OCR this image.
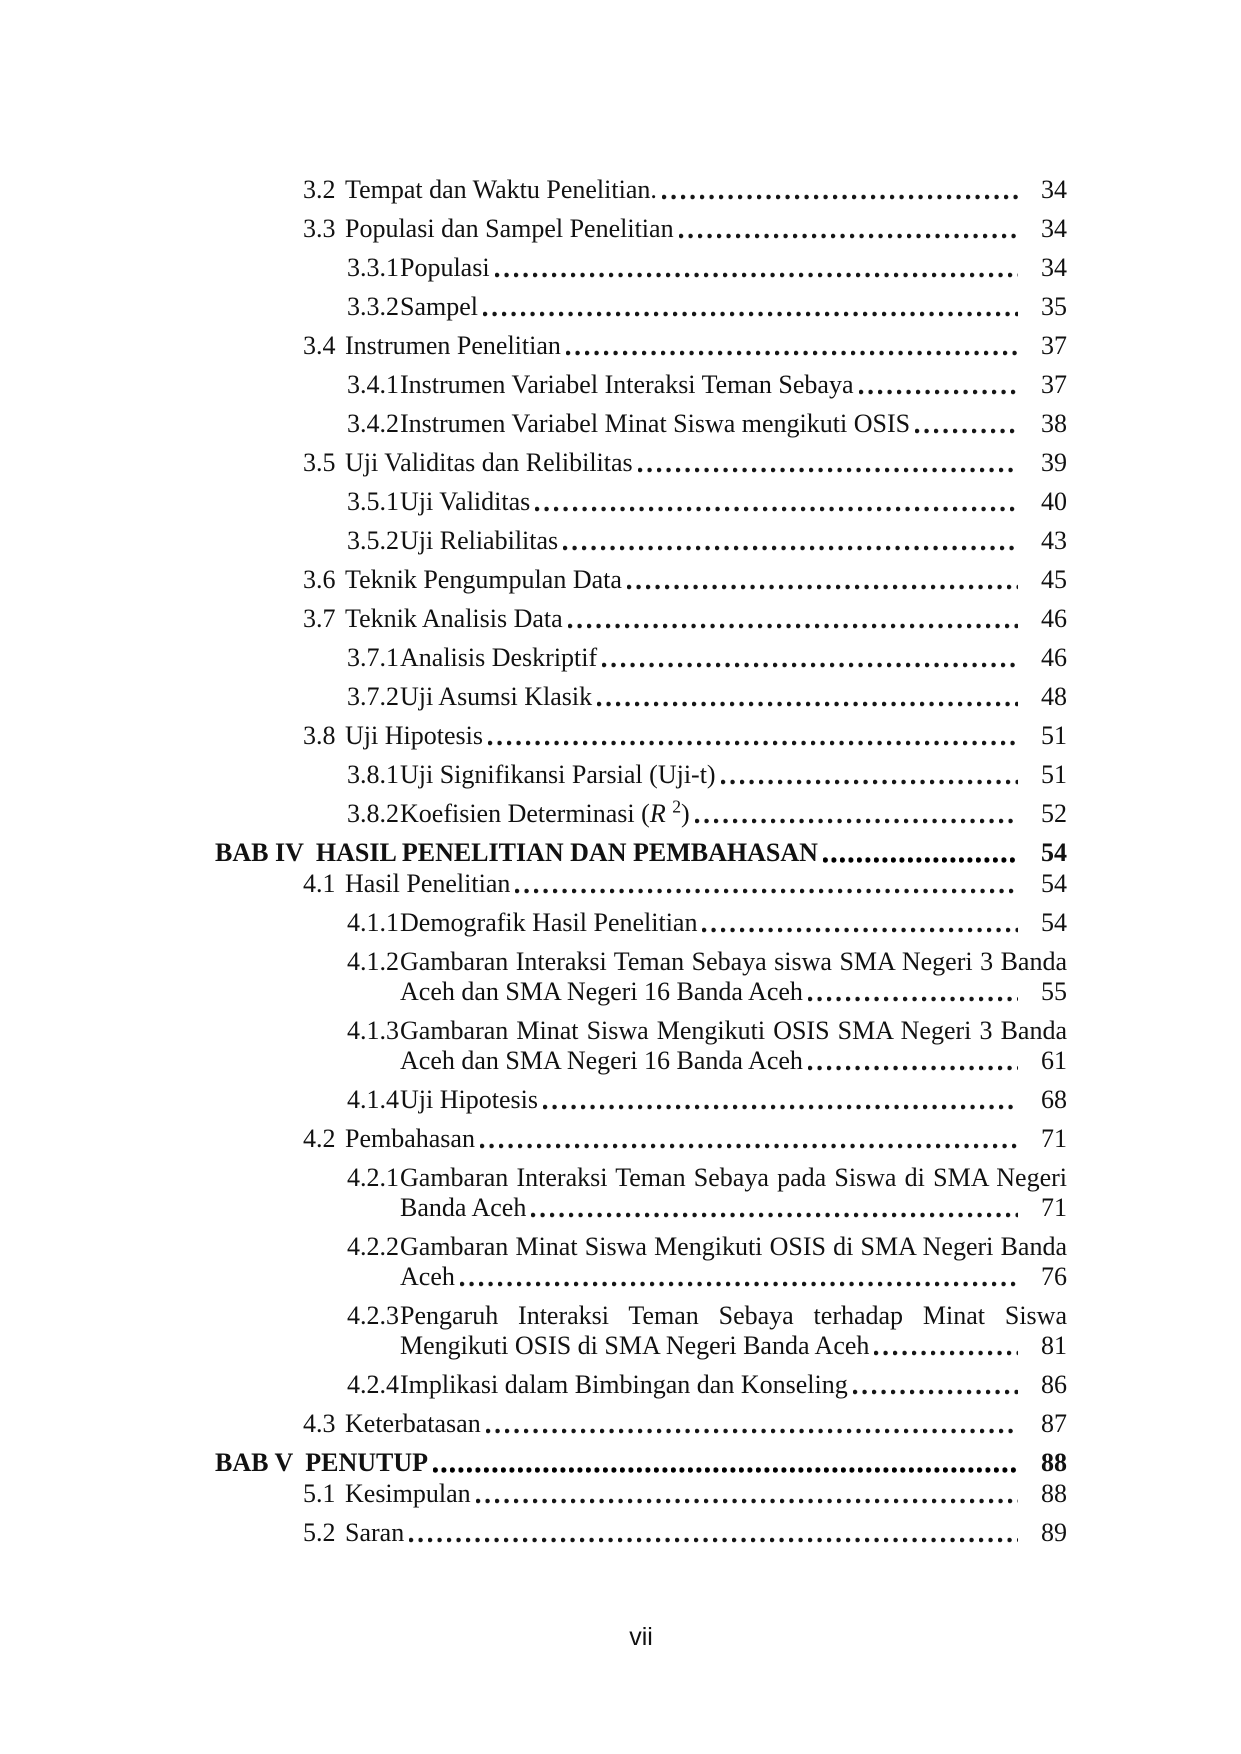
3.2 Tempat dan Waktu Penelitian.	34
3.3 Populasi dan Sampel Penelitian	34
3.3.1 Populasi	34
3.3.2 Sampel	35
3.4 Instrumen Penelitian	37
3.4.1 Instrumen Variabel Interaksi Teman Sebaya	37
3.4.2 Instrumen Variabel Minat Siswa mengikuti OSIS	38
3.5 Uji Validitas dan Relibilitas	39
3.5.1 Uji Validitas	40
3.5.2 Uji Reliabilitas	43
3.6 Teknik Pengumpulan Data	45
3.7 Teknik Analisis Data	46
3.7.1 Analisis Deskriptif	46
3.7.2 Uji Asumsi Klasik	48
3.8 Uji Hipotesis	51
3.8.1 Uji Signifikansi Parsial (Uji-t)	51
3.8.2 Koefisien Determinasi (R $^2$)	52
BAB IV HASIL PENELITIAN DAN PEMBAHASAN	54
4.1 Hasil Penelitian	54
4.1.1 Demografik Hasil Penelitian	54
4.1.2 Gambaran Interaksi Teman Sebaya siswa SMA Negeri 3 Banda
Aceh dan SMA Negeri 16 Banda Aceh	55
4.1.3 Gambaran Minat Siswa Mengikuti OSIS SMA Negeri 3 Banda
Aceh dan SMA Negeri 16 Banda Aceh	61
4.1.4 Uji Hipotesis	68
4.2 Pembahasan	71
4.2.1 Gambaran Interaksi Teman Sebaya pada Siswa di SMA Negeri
Banda Aceh	71
4.2.2 Gambaran Minat Siswa Mengikuti OSIS di SMA Negeri Banda
Aceh	76
4.2.3 Pengaruh Interaksi Teman Sebaya terhadap Minat Siswa
Mengikuti OSIS di SMA Negeri Banda Aceh	81
4.2.4 Implikasi dalam Bimbingan dan Konseling	86
4.3 Keterbatasan	87
BAB V PENUTUP	88
5.1 Kesimpulan	88
5.2 Saran	89
vii
